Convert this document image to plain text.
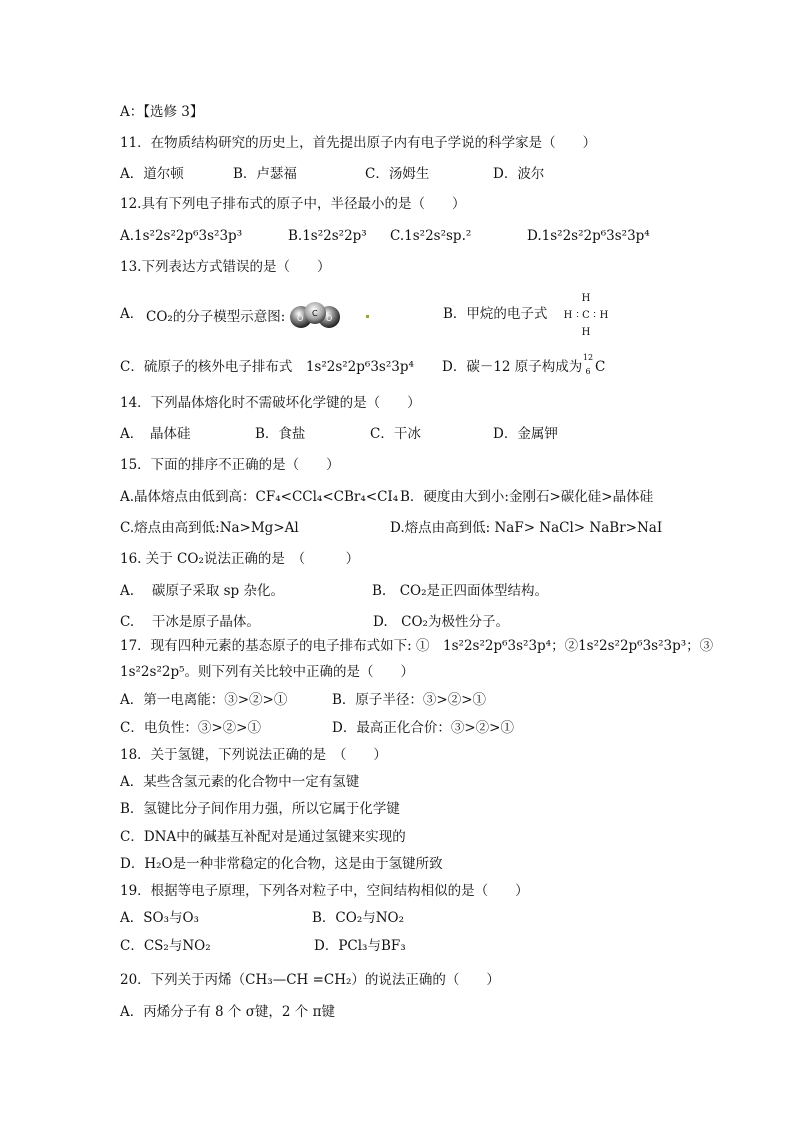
A：【选修 3】
11．在物质结构研究的历史上，首先提出原子内有电子学说的科学家是（　　）
A．道尔顿	B．卢瑟福	C．汤姆生	D．波尔
12.具有下列电子排布式的原子中，半径最小的是（　　）
A.1s²2s²2p⁶3s²3p³	B.1s²2s²2p³ C.1s²2s²sp.²	D.1s²2s²2p⁶3s²3p⁴
13.下列表达方式错误的是（　　）
A． CO₂的分子模型示意图: O
C
O	B．甲烷的电子式
H
H ∶ C ∶ H
H
C．硫原子的核外电子排布式　1s²2s²2p⁶3s²3p⁴ D．碳－12 原子构成为
12
6 C
14．下列晶体熔化时不需破坏化学键的是（　　）
A．　晶体硅	B．食盐	C．干冰	D．金属钾
15．下面的排序不正确的是（　　）
A.晶体熔点由低到高：CF₄<CCl₄<CBr₄<CI₄ B．硬度由大到小:金刚石>碳化硅>晶体硅
C.熔点由高到低:Na>Mg>Al	D.熔点由高到低: NaF> NaCl> NaBr>NaI
16. 关于 CO₂说法正确的是　（　　　）
A.　 碳原子采取 sp 杂化。	B.　CO₂是正四面体型结构。
C.　 干冰是原子晶体。	D.　CO₂为极性分子。
17．现有四种元素的基态原子的电子排布式如下: ①　1s²2s²2p⁶3s²3p⁴；②1s²2s²2p⁶3s²3p³；③
1s²2s²2p⁵。则下列有关比较中正确的是（　　）
A．第一电离能：③>②>①	B．原子半径：③>②>①
C．电负性：③>②>①	D．最高正化合价：③>②>①
18．关于氢键，下列说法正确的是　（　　）
A．某些含氢元素的化合物中一定有氢键
B．氢键比分子间作用力强，所以它属于化学键
C．DNA中的碱基互补配对是通过氢键来实现的
D．H₂O是一种非常稳定的化合物，这是由于氢键所致
19．根据等电子原理，下列各对粒子中，空间结构相似的是（　　）
A．SO₃与O₃	B．CO₂与NO₂
C．CS₂与NO₂	D．PCl₃与BF₃
20．下列关于丙烯（CH₃—CH =CH₂）的说法正确的（　　）
A．丙烯分子有 8 个 σ键，2 个 π键
